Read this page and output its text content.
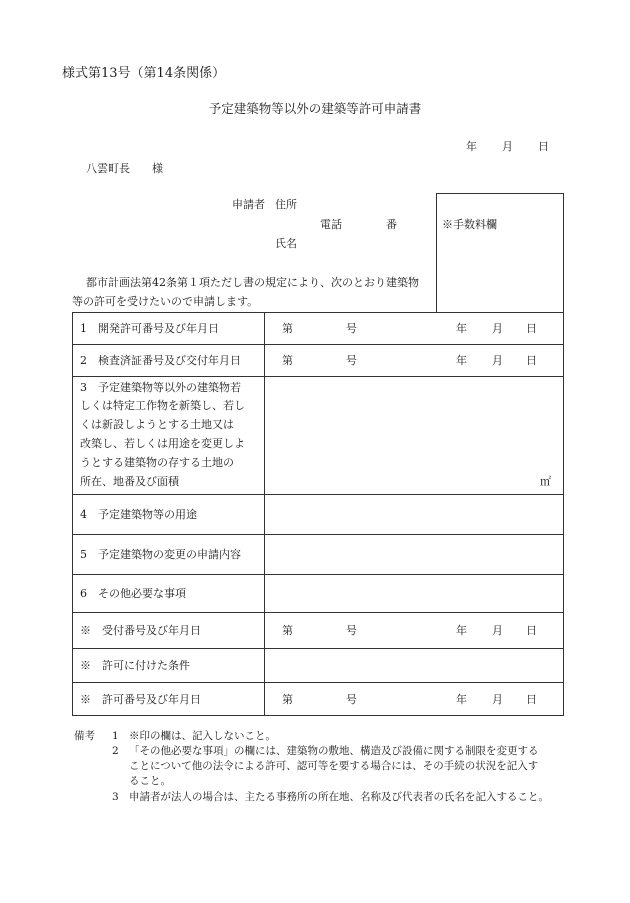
様式第13号（第14条関係）
予定建築物等以外の建築等許可申請書
年 月 日
八雲町長 様
※手数料欄
申請者 住所
電話	番
氏名
都市計画法第42条第１項ただし書の規定により、次のとおり建築物
等の許可を受けたいので申請します。
1　開発許可番号及び年月日	第	号	年 月 日
2　検査済証番号及び交付年月日	第	号	年 月 日
3　予定建築物等以外の建築物若
しくは特定工作物を新築し、若し
くは新設しようとする土地又は
改築し、若しくは用途を変更しよ
うとする建築物の存する土地の
所在、地番及び面積	㎡
4　予定建築物等の用途
5　予定建築物の変更の申請内容
6　その他必要な事項
※　受付番号及び年月日	第	号	年 月 日
※　許可に付けた条件
※　許可番号及び年月日	第	号	年 月 日
備考 1 ※印の欄は、記入しないこと。
2 「その他必要な事項」の欄には、建築物の敷地、構造及び設備に関する制限を変更する
ことについて他の法令による許可、認可等を要する場合には、その手続の状況を記入す
ること。
3 申請者が法人の場合は、主たる事務所の所在地、名称及び代表者の氏名を記入すること。
